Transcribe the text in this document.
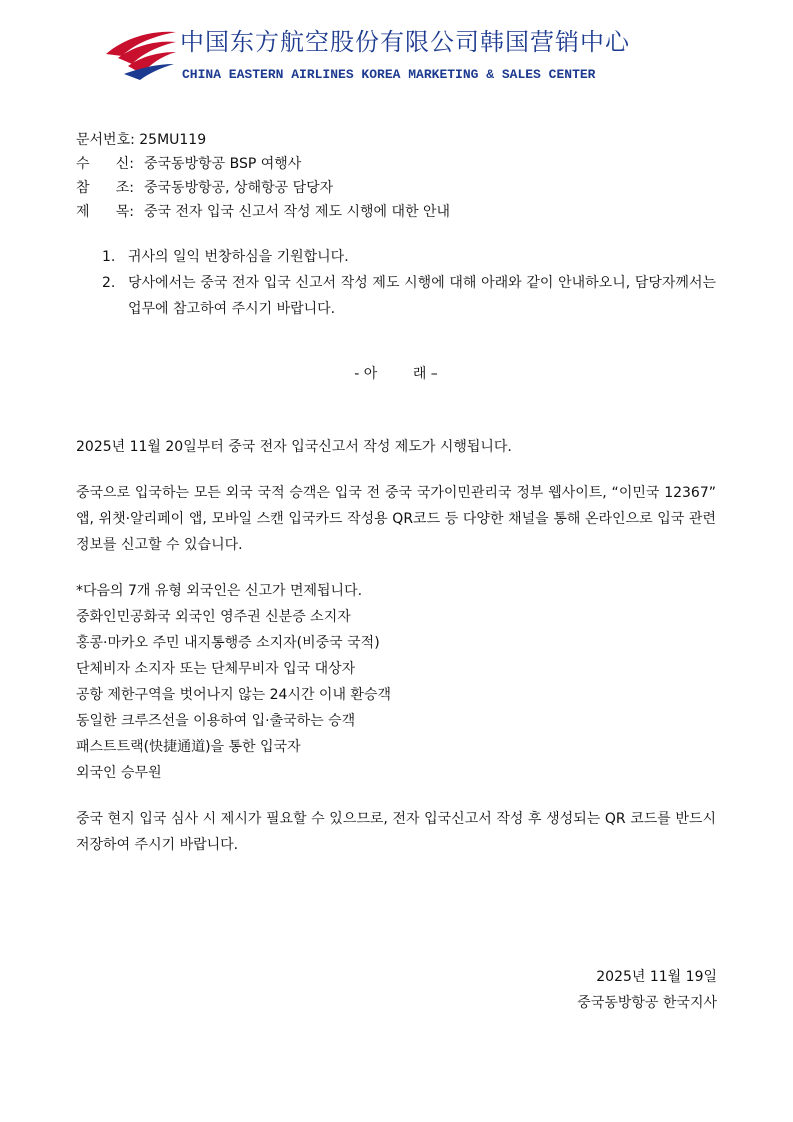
中国东方航空股份有限公司韩国营销中心
CHINA EASTERN AIRLINES KOREA MARKETING & SALES CENTER
문서번호: 25MU119
수 신: 중국동방항공 BSP 여행사
참 조: 중국동방항공, 상해항공 담당자
제 목: 중국 전자 입국 신고서 작성 제도 시행에 대한 안내
1. 귀사의 일익 번창하심을 기원합니다.
2. 당사에서는 중국 전자 입국 신고서 작성 제도 시행에 대해 아래와 같이 안내하오니, 담당자께서는 업무에 참고하여 주시기 바랍니다.
- 아        래 –
2025년 11월 20일부터 중국 전자 입국신고서 작성 제도가 시행됩니다.
중국으로 입국하는 모든 외국 국적 승객은 입국 전 중국 국가이민관리국 정부 웹사이트, “이민국 12367” 앱, 위챗·알리페이 앱, 모바일 스캔 입국카드 작성용 QR코드 등 다양한 채널을 통해 온라인으로 입국 관련 정보를 신고할 수 있습니다.
*다음의 7개 유형 외국인은 신고가 면제됩니다.
중화인민공화국 외국인 영주권 신분증 소지자
홍콩·마카오 주민 내지통행증 소지자(비중국 국적)
단체비자 소지자 또는 단체무비자 입국 대상자
공항 제한구역을 벗어나지 않는 24시간 이내 환승객
동일한 크루즈선을 이용하여 입·출국하는 승객
패스트트랙(快捷通道)을 통한 입국자
외국인 승무원
중국 현지 입국 심사 시 제시가 필요할 수 있으므로, 전자 입국신고서 작성 후 생성되는 QR 코드를 반드시 저장하여 주시기 바랍니다.
2025년 11월 19일
중국동방항공 한국지사
